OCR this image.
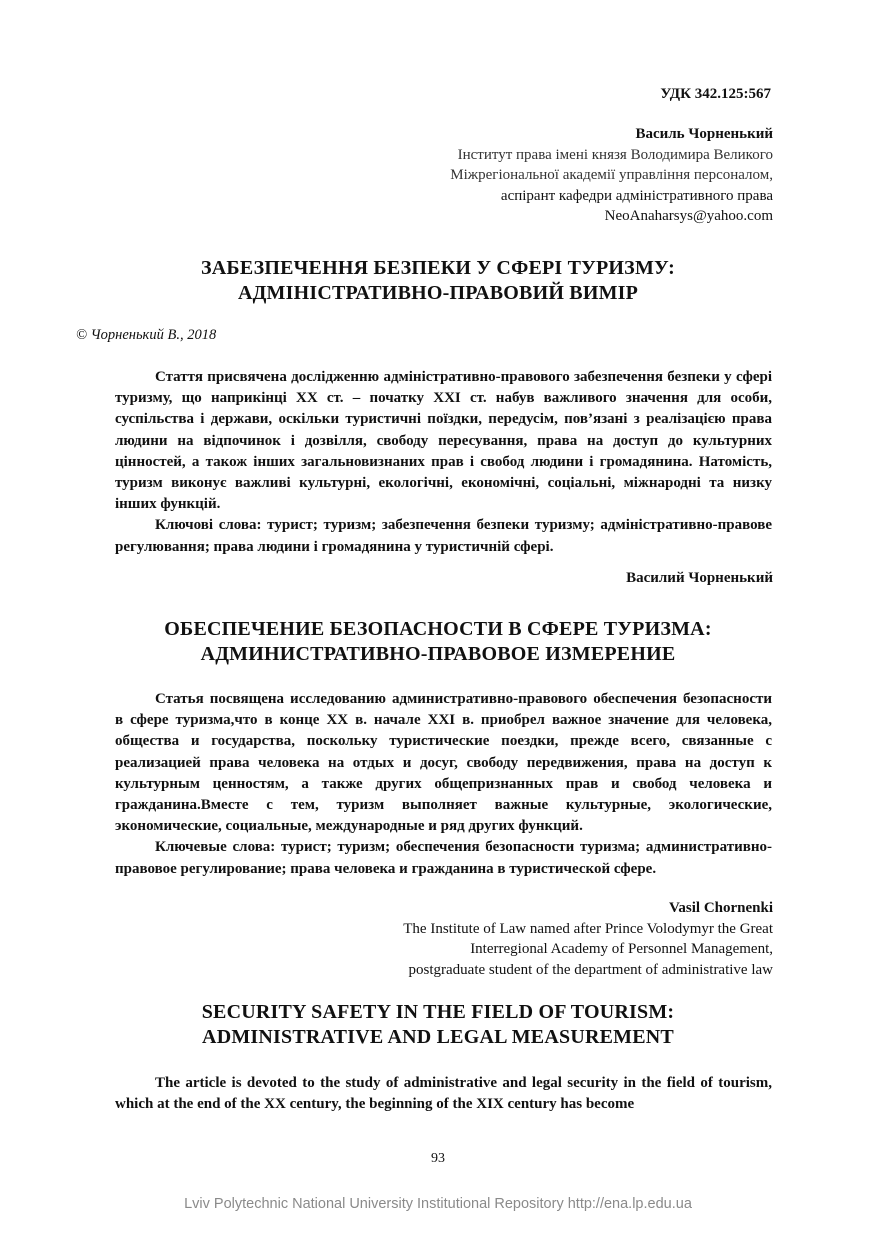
УДК 342.125:567
Василь Чорненький
Інститут права імені князя Володимира Великого
Міжрегіональної академії управління персоналом,
аспірант кафедри адміністративного права
NeoAnaharsys@yahoo.com
ЗАБЕЗПЕЧЕННЯ БЕЗПЕКИ У СФЕРІ ТУРИЗМУ:
АДМІНІСТРАТИВНО-ПРАВОВИЙ ВИМІР
© Чорненький В., 2018

Стаття присвячена дослідженню адміністративно-правового забезпечення безпеки у сфері туризму, що наприкінці XX ст. – початку XXI ст. набув важливого значення для особи, суспільства і держави, оскільки туристичні поїздки, передусім, пов’язані з реалізацією права людини на відпочинок і дозвілля, свободу пересування, права на доступ до культурних цінностей, а також інших загальновизнаних прав і свобод людини і громадянина. Натомість, туризм виконує важливі культурні, екологічні, економічні, соціальні, міжнародні та низку інших функцій.

Ключові слова: турист; туризм; забезпечення безпеки туризму; адміністративно-правове регулювання; права людини і громадянина у туристичній сфері.

Василий Чорненький
ОБЕСПЕЧЕНИЕ БЕЗОПАСНОСТИ В СФЕРЕ ТУРИЗМА:
АДМИНИСТРАТИВНО-ПРАВОВОЕ ИЗМЕРЕНИЕ

Статья посвящена исследованию административно-правового обеспечения безопасности в сфере туризма,что в конце XX в. начале XXI в. приобрел важное значение для человека, общества и государства, поскольку туристические поездки, прежде всего, связанные с реализацией права человека на отдых и досуг, свободу передвижения, права на доступ к культурным ценностям, а также других общепризнанных прав и свобод человека и гражданина.Вместе с тем, туризм выполняет важные культурные, экологические, экономические, социальные, международные и ряд других функций.

Ключевые слова: турист; туризм; обеспечения безопасности туризма; административно-правовое регулирование; права человека и гражданина в туристической сфере.

Vasil Chornenki
The Institute of Law named after Prince Volodymyr the Great
Interregional Academy of Personnel Management,
postgraduate student of the department of administrative law
SECURITY SAFETY IN THE FIELD OF TOURISM:
ADMINISTRATIVE AND LEGAL MEASUREMENT

The article is devoted to the study of administrative and legal security in the field of tourism, which at the end of the XX century, the beginning of the XIX century has become

93
Lviv Polytechnic National University Institutional Repository http://ena.lp.edu.ua
